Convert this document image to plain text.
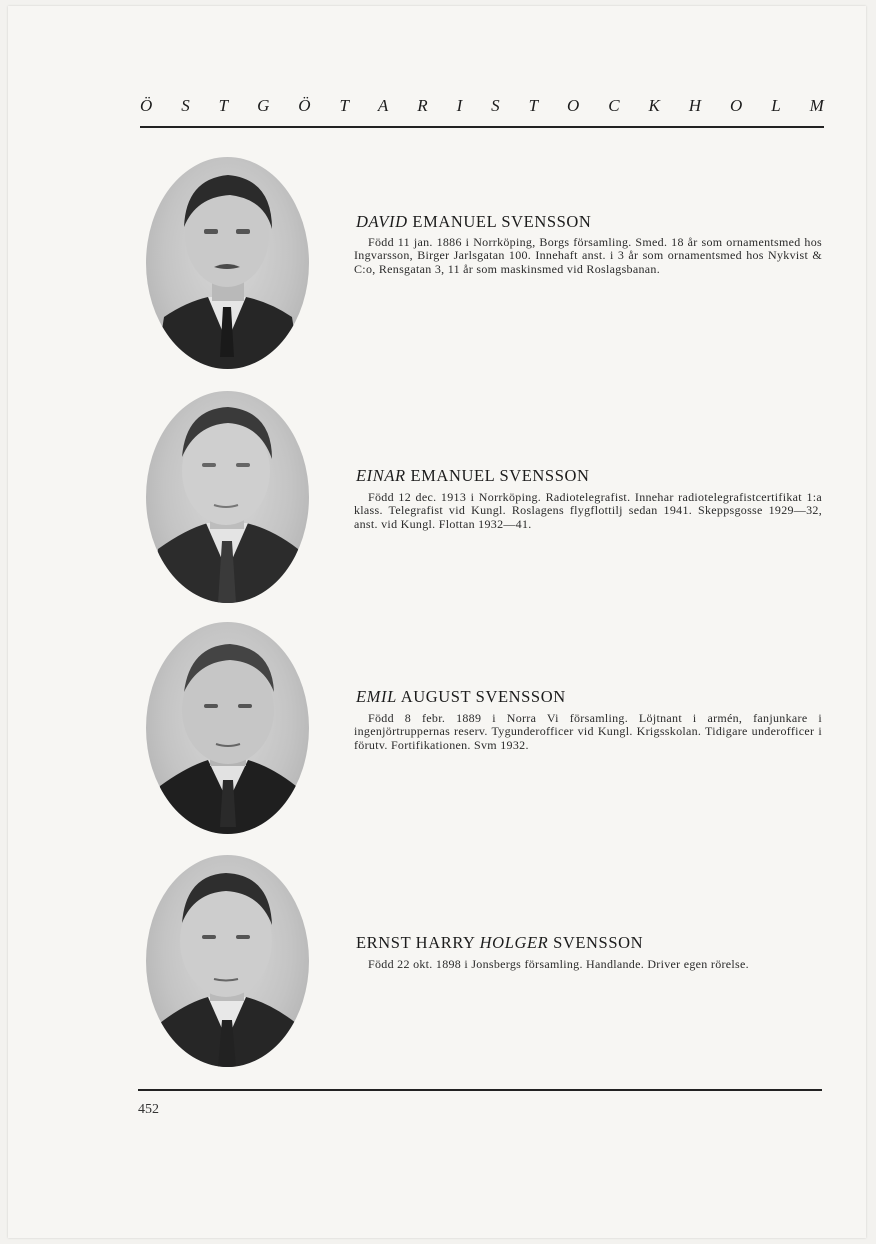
Ö S T G Ö T A R I S T O C K H O L M
DAVID EMANUEL SVENSSON
Född 11 jan. 1886 i Norrköping, Borgs församling. Smed. 18 år som ornamentsmed hos Ingvarsson, Birger Jarlsgatan 100. Innehaft anst. i 3 år som ornamentsmed hos Nykvist & C:o, Rensgatan 3, 11 år som maskinsmed vid Roslagsbanan.
EINAR EMANUEL SVENSSON
Född 12 dec. 1913 i Norrköping. Radiotelegrafist. Innehar radiotelegrafistcertifikat 1:a klass. Telegrafist vid Kungl. Roslagens flygflottilj sedan 1941. Skeppsgosse 1929—32, anst. vid Kungl. Flottan 1932—41.
EMIL AUGUST SVENSSON
Född 8 febr. 1889 i Norra Vi församling. Löjtnant i armén, fanjunkare i ingenjörtruppernas reserv. Tygunderofficer vid Kungl. Krigsskolan. Tidigare underofficer i förutv. Fortifikationen. Svm 1932.
ERNST HARRY HOLGER SVENSSON
Född 22 okt. 1898 i Jonsbergs församling. Handlande. Driver egen rörelse.
452
